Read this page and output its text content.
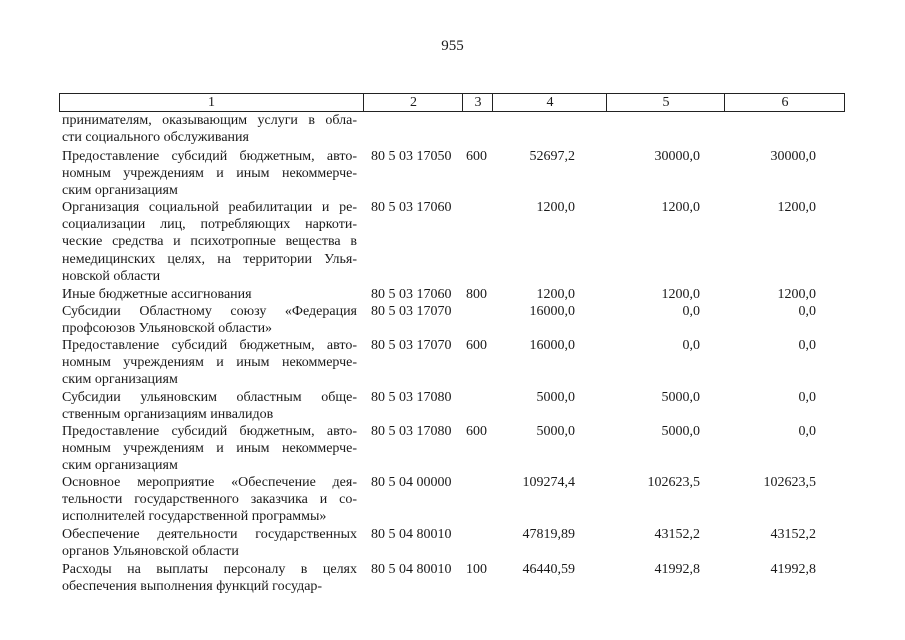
955
1	2	3	4	5	6
принимателям, оказывающим услуги в обла-
сти социального обслуживания
Предоставление субсидий бюджетным, авто-
номным учреждениям и иным некоммерче-
ским организациям
80 5 03 17050 600	52697,2	30000,0	30000,0
Организация социальной реабилитации и ре-
социализации лиц, потребляющих наркоти-
ческие средства и психотропные вещества в
немедицинских целях, на территории Улья-
новской области
80 5 03 17060	1200,0	1200,0	1200,0
Иные бюджетные ассигнования	80 5 03 17060 800	1200,0	1200,0	1200,0
Субсидии Областному союзу «Федерация
профсоюзов Ульяновской области»
80 5 03 17070	16000,0	0,0	0,0
Предоставление субсидий бюджетным, авто-
номным учреждениям и иным некоммерче-
ским организациям
80 5 03 17070 600	16000,0	0,0	0,0
Субсидии ульяновским областным обще-
ственным организациям инвалидов
80 5 03 17080	5000,0	5000,0	0,0
Предоставление субсидий бюджетным, авто-
номным учреждениям и иным некоммерче-
ским организациям
80 5 03 17080 600	5000,0	5000,0	0,0
Основное мероприятие «Обеспечение дея-
тельности государственного заказчика и со-
исполнителей государственной программы»
80 5 04 00000	109274,4	102623,5	102623,5
Обеспечение деятельности государственных
органов Ульяновской области
80 5 04 80010	47819,89	43152,2	43152,2
Расходы на выплаты персоналу в целях
обеспечения выполнения функций государ-
80 5 04 80010 100	46440,59	41992,8	41992,8
